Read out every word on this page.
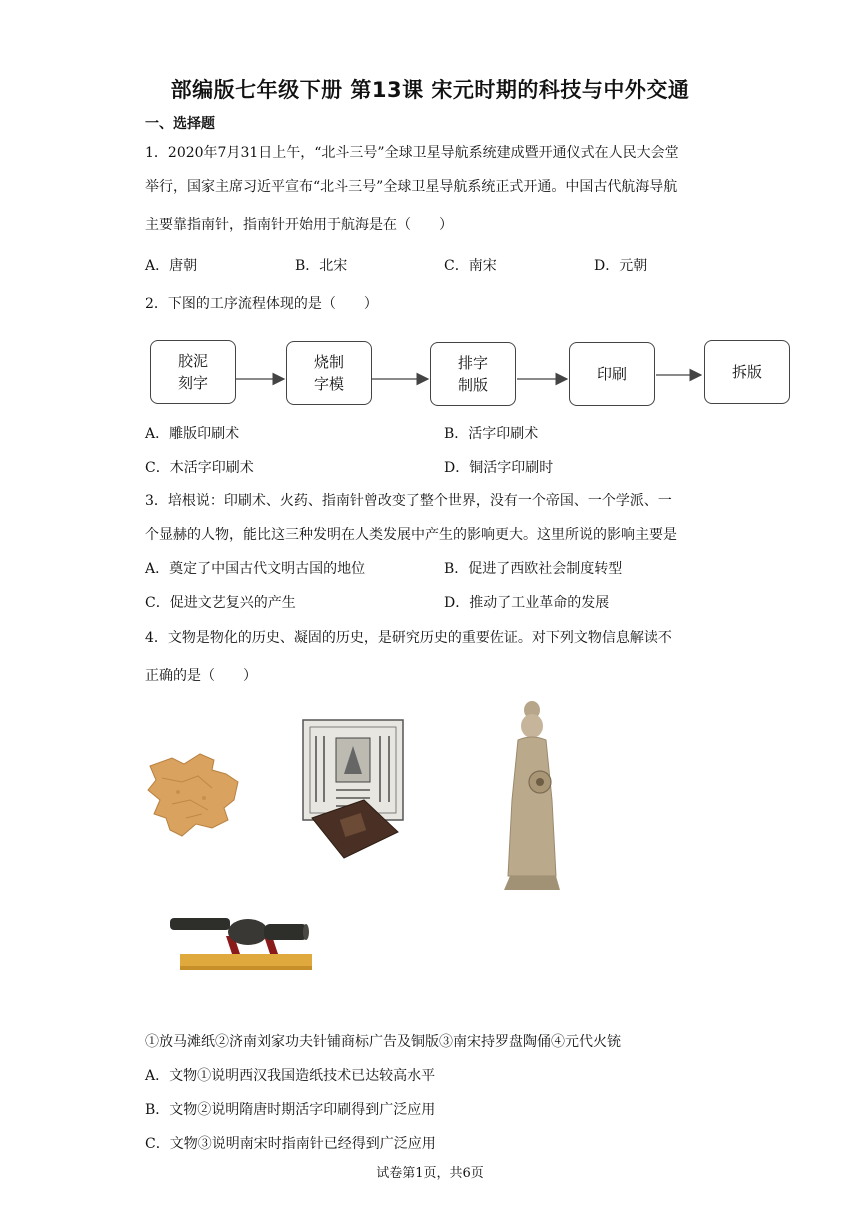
部编版七年级下册 第13课 宋元时期的科技与中外交通
一、选择题
1．2020年7月31日上午，“北斗三号”全球卫星导航系统建成暨开通仪式在人民大会堂
举行，国家主席习近平宣布“北斗三号”全球卫星导航系统正式开通。中国古代航海导航
主要靠指南针，指南针开始用于航海是在（　　）
A．唐朝	B．北宋	C．南宋	D．元朝
2．下图的工序流程体现的是（　　）
胶泥
刻字
烧制
字模
排字
制版
印刷	拆版
A．雕版印刷术	B．活字印刷术
C．木活字印刷术	D．铜活字印刷时
3．培根说：印刷术、火药、指南针曾改变了整个世界，没有一个帝国、一个学派、一
个显赫的人物，能比这三种发明在人类发展中产生的影响更大。这里所说的影响主要是
A．奠定了中国古代文明古国的地位	B．促进了西欧社会制度转型
C．促进文艺复兴的产生	D．推动了工业革命的发展
4．文物是物化的历史、凝固的历史，是研究历史的重要佐证。对下列文物信息解读不
正确的是（　　）
①放马滩纸②济南刘家功夫针铺商标广告及铜版③南宋持罗盘陶俑④元代火铳
A．文物①说明西汉我国造纸技术已达较高水平
B．文物②说明隋唐时期活字印刷得到广泛应用
C．文物③说明南宋时指南针已经得到广泛应用
试卷第1页，共6页
